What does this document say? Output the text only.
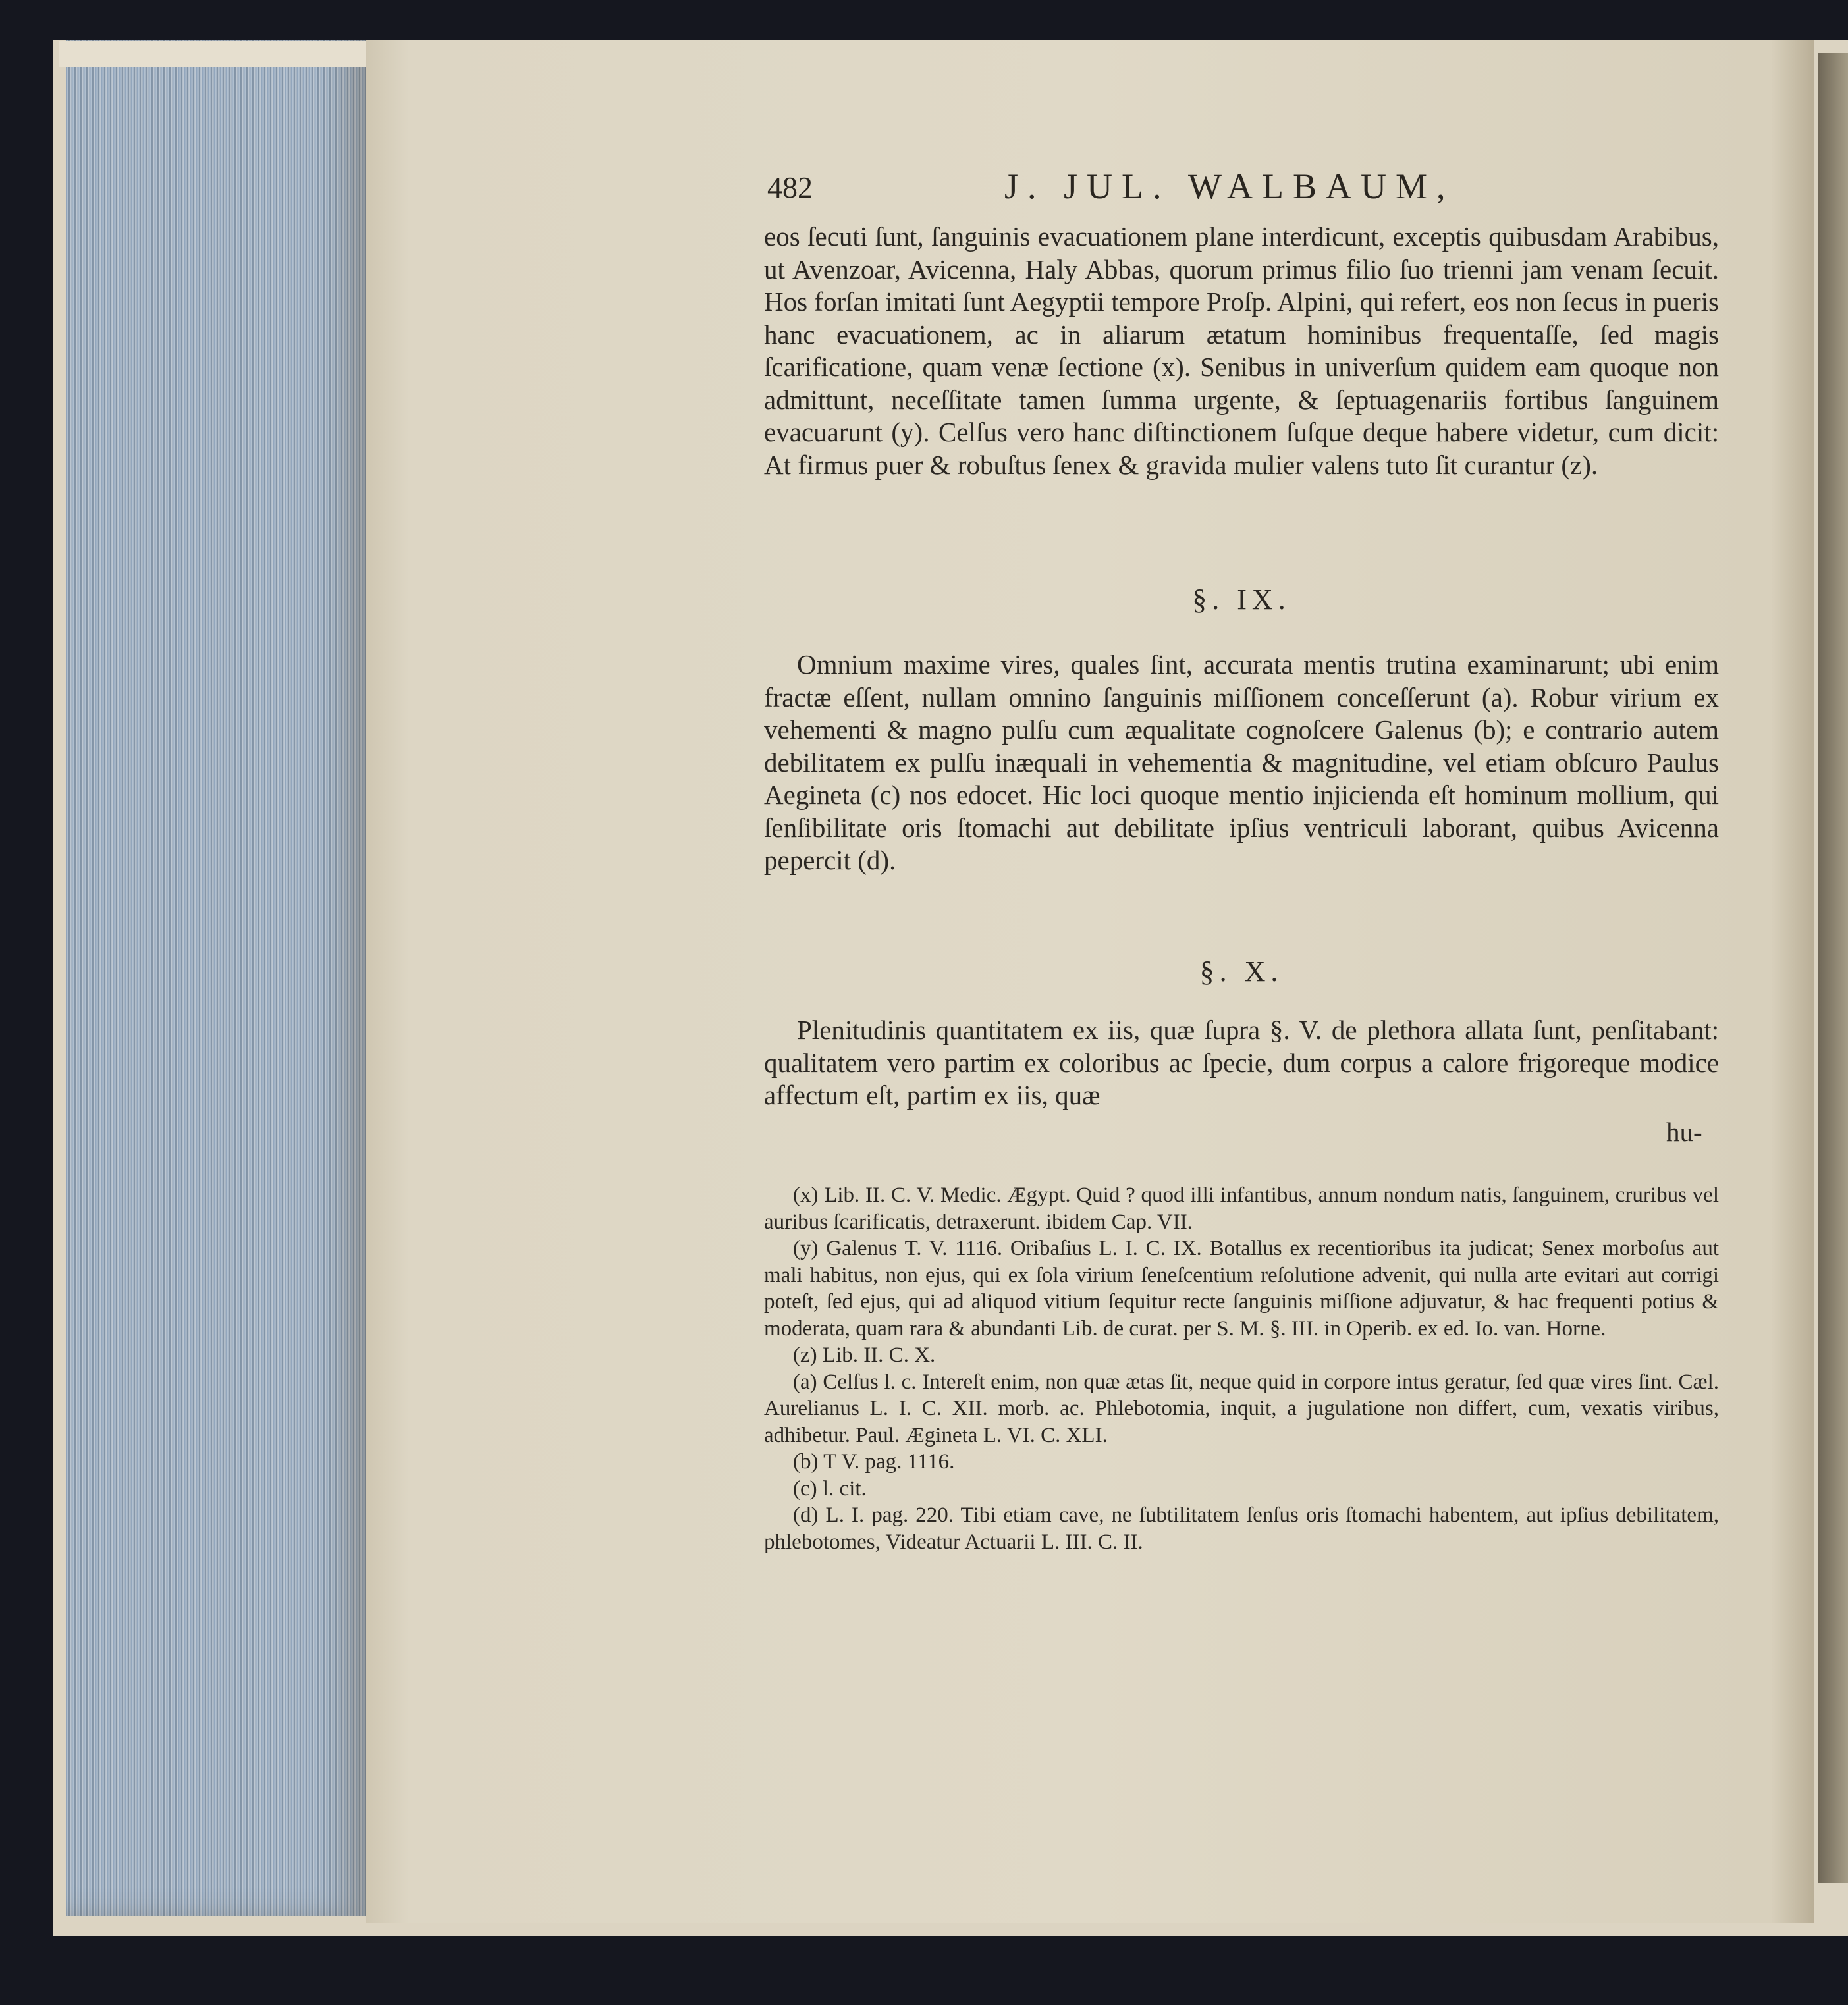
482	J. JUL. WALBAUM,

eos ſecuti ſunt, ſanguinis evacuationem plane interdicunt, exceptis quibusdam Arabibus, ut Avenzoar, Avicenna, Haly Abbas, quorum primus filio ſuo trienni jam venam ſecuit. Hos forſan imitati ſunt Aegyptii tempore Proſp. Alpini, qui refert, eos non ſecus in pueris hanc evacuationem, ac in aliarum ætatum hominibus frequentaſſe, ſed magis ſcarificatione, quam venæ ſectione (x). Senibus in univerſum quidem eam quoque non admittunt, neceſſitate tamen ſumma urgente, & ſeptuagenariis fortibus ſanguinem evacuarunt (y). Celſus vero hanc diſtinctionem ſuſque deque habere videtur, cum dicit: At firmus puer & robuſtus ſenex & gravida mulier valens tuto ſit curantur (z).

§. IX.

Omnium maxime vires, quales ſint, accurata mentis trutina examinarunt; ubi enim fractæ eſſent, nullam omnino ſanguinis miſſionem conceſſerunt (a). Robur virium ex vehementi & magno pulſu cum æqualitate cognoſcere Galenus (b); e contrario autem debilitatem ex pulſu inæquali in vehementia & magnitudine, vel etiam obſcuro Paulus Aegineta (c) nos edocet. Hic loci quoque mentio injicienda eſt hominum mollium, qui ſenſibilitate oris ſtomachi aut debilitate ipſius ventriculi laborant, quibus Avicenna pepercit (d).

§. X.

Plenitudinis quantitatem ex iis, quæ ſupra §. V. de plethora allata ſunt, penſitabant: qualitatem vero partim ex coloribus ac ſpecie, dum corpus a calore frigoreque modice affectum eſt, partim ex iis, quæ

hu-

(x) Lib. II. C. V. Medic. Ægypt. Quid ? quod illi infantibus, annum nondum natis, ſanguinem, cruribus vel auribus ſcarificatis, detraxerunt. ibidem Cap. VII.

(y) Galenus T. V. 1116. Oribaſius L. I. C. IX. Botallus ex recentioribus ita judicat; Senex morboſus aut mali habitus, non ejus, qui ex ſola virium ſeneſcentium reſolutione advenit, qui nulla arte evitari aut corrigi poteſt, ſed ejus, qui ad aliquod vitium ſequitur recte ſanguinis miſſione adjuvatur, & hac frequenti potius & moderata, quam rara & abundanti Lib. de curat. per S. M. §. III. in Operib. ex ed. Io. van. Horne.

(z) Lib. II. C. X.

(a) Celſus l. c. Intereſt enim, non quæ ætas ſit, neque quid in corpore intus geratur, ſed quæ vires ſint. Cæl. Aurelianus L. I. C. XII. morb. ac. Phlebotomia, inquit, a jugulatione non differt, cum, vexatis viribus, adhibetur. Paul. Ægineta L. VI. C. XLI.

(b) T V. pag. 1116.

(c) l. cit.

(d) L. I. pag. 220. Tibi etiam cave, ne ſubtilitatem ſenſus oris ſtomachi habentem, aut ipſius debilitatem, phlebotomes, Videatur Actuarii L. III. C. II.
